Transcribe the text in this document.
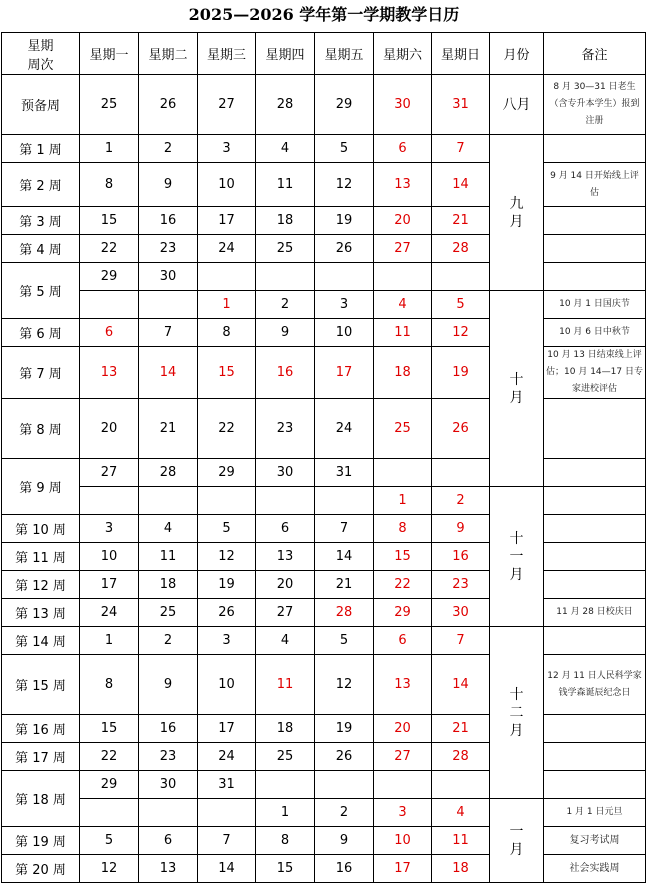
2025—2026 学年第一学期教学日历
星期
周次	星期一	星期二	星期三	星期四	星期五	星期六	星期日	月份	备注
预备周	25	26	27	28	29	30	31	八月	8 月 30—31 日老生（含专升本学生）报到注册
第 1 周	1	2	3	4	5	6	7	九
月	
第 2 周	8	9	10	11	12	13	14		9 月 14 日开始线上评估
第 3 周	15	16	17	18	19	20	21		
第 4 周	22	23	24	25	26	27	28		
第 5 周	29	30							
			1	2	3	4	5	十
月	10 月 1 日国庆节
第 6 周	6	7	8	9	10	11	12		10 月 6 日中秋节
第 7 周	13	14	15	16	17	18	19		10 月 13 日结束线上评估；10 月 14—17 日专家进校评估
第 8 周	20	21	22	23	24	25	26		
第 9 周	27	28	29	30	31				
						1	2	十
一
月	
第 10 周	3	4	5	6	7	8	9		
第 11 周	10	11	12	13	14	15	16		
第 12 周	17	18	19	20	21	22	23		
第 13 周	24	25	26	27	28	29	30		11 月 28 日校庆日
第 14 周	1	2	3	4	5	6	7	十
二
月	
第 15 周	8	9	10	11	12	13	14		12 月 11 日人民科学家钱学森诞辰纪念日
第 16 周	15	16	17	18	19	20	21		
第 17 周	22	23	24	25	26	27	28		
第 18 周	29	30	31						
				1	2	3	4	一
月	1 月 1 日元旦
第 19 周	5	6	7	8	9	10	11		复习考试周
第 20 周	12	13	14	15	16	17	18		社会实践周
